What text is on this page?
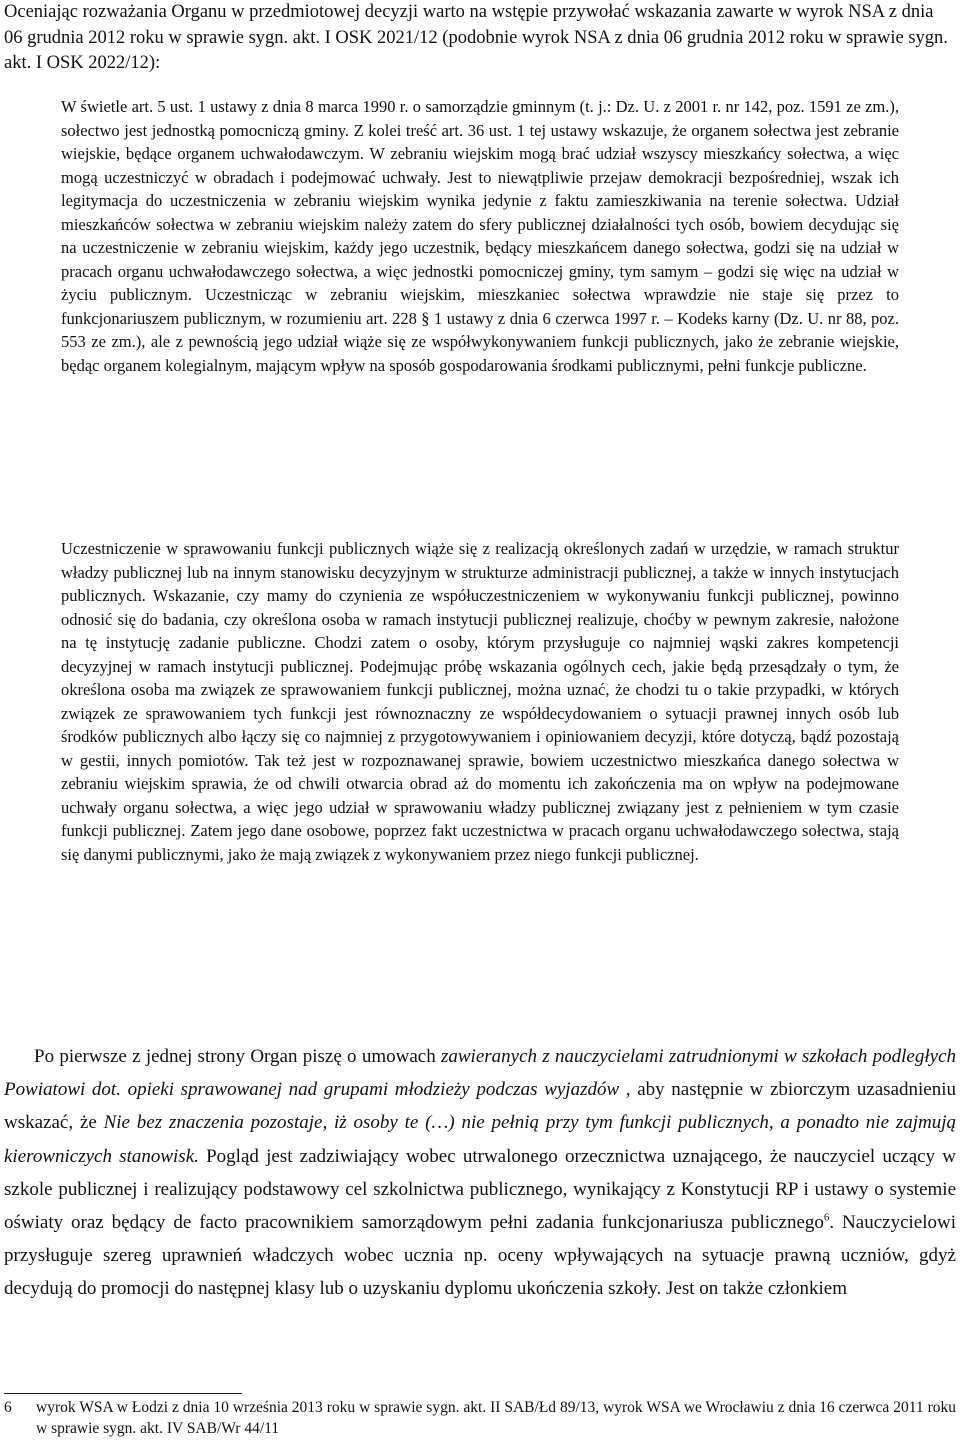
Oceniając rozważania Organu w przedmiotowej decyzji warto na wstępie przywołać wskazania zawarte w wyrok NSA z dnia 06 grudnia 2012 roku w sprawie sygn. akt. I OSK 2021/12 (podobnie wyrok NSA z dnia 06 grudnia 2012 roku w sprawie sygn. akt. I OSK 2022/12):

W świetle art. 5 ust. 1 ustawy z dnia 8 marca 1990 r. o samorządzie gminnym (t. j.: Dz. U. z 2001 r. nr 142, poz. 1591 ze zm.), sołectwo jest jednostką pomocniczą gminy. Z kolei treść art. 36 ust. 1 tej ustawy wskazuje, że organem sołectwa jest zebranie wiejskie, będące organem uchwałodawczym. W zebraniu wiejskim mogą brać udział wszyscy mieszkańcy sołectwa, a więc mogą uczestniczyć w obradach i podejmować uchwały. Jest to niewątpliwie przejaw demokracji bezpośredniej, wszak ich legitymacja do uczestniczenia w zebraniu wiejskim wynika jedynie z faktu zamieszkiwania na terenie sołectwa. Udział mieszkańców sołectwa w zebraniu wiejskim należy zatem do sfery publicznej działalności tych osób, bowiem decydując się na uczestniczenie w zebraniu wiejskim, każdy jego uczestnik, będący mieszkańcem danego sołectwa, godzi się na udział w pracach organu uchwałodawczego sołectwa, a więc jednostki pomocniczej gminy, tym samym – godzi się więc na udział w życiu publicznym. Uczestnicząc w zebraniu wiejskim, mieszkaniec sołectwa wprawdzie nie staje się przez to funkcjonariuszem publicznym, w rozumieniu art. 228 § 1 ustawy z dnia 6 czerwca 1997 r. – Kodeks karny (Dz. U. nr 88, poz. 553 ze zm.), ale z pewnością jego udział wiąże się ze współwykonywaniem funkcji publicznych, jako że zebranie wiejskie, będąc organem kolegialnym, mającym wpływ na sposób gospodarowania środkami publicznymi, pełni funkcje publiczne.

Uczestniczenie w sprawowaniu funkcji publicznych wiąże się z realizacją określonych zadań w urzędzie, w ramach struktur władzy publicznej lub na innym stanowisku decyzyjnym w strukturze administracji publicznej, a także w innych instytucjach publicznych. Wskazanie, czy mamy do czynienia ze współuczestniczeniem w wykonywaniu funkcji publicznej, powinno odnosić się do badania, czy określona osoba w ramach instytucji publicznej realizuje, choćby w pewnym zakresie, nałożone na tę instytucję zadanie publiczne. Chodzi zatem o osoby, którym przysługuje co najmniej wąski zakres kompetencji decyzyjnej w ramach instytucji publicznej. Podejmując próbę wskazania ogólnych cech, jakie będą przesądzały o tym, że określona osoba ma związek ze sprawowaniem funkcji publicznej, można uznać, że chodzi tu o takie przypadki, w których związek ze sprawowaniem tych funkcji jest równoznaczny ze współdecydowaniem o sytuacji prawnej innych osób lub środków publicznych albo łączy się co najmniej z przygotowywaniem i opiniowaniem decyzji, które dotyczą, bądź pozostają w gestii, innych pomiotów. Tak też jest w rozpoznawanej sprawie, bowiem uczestnictwo mieszkańca danego sołectwa w zebraniu wiejskim sprawia, że od chwili otwarcia obrad aż do momentu ich zakończenia ma on wpływ na podejmowane uchwały organu sołectwa, a więc jego udział w sprawowaniu władzy publicznej związany jest z pełnieniem w tym czasie funkcji publicznej. Zatem jego dane osobowe, poprzez fakt uczestnictwa w pracach organu uchwałodawczego sołectwa, stają się danymi publicznymi, jako że mają związek z wykonywaniem przez niego funkcji publicznej.

Po pierwsze z jednej strony Organ piszę o umowach zawieranych z nauczycielami zatrudnionymi w szkołach podległych Powiatowi dot. opieki sprawowanej nad grupami młodzieży podczas wyjazdów , aby następnie w zbiorczym uzasadnieniu wskazać, że Nie bez znaczenia pozostaje, iż osoby te (…) nie pełnią przy tym funkcji publicznych, a ponadto nie zajmują kierowniczych stanowisk. Pogląd jest zadziwiający wobec utrwalonego orzecznictwa uznającego, że nauczyciel uczący w szkole publicznej i realizujący podstawowy cel szkolnictwa publicznego, wynikający z Konstytucji RP i ustawy o systemie oświaty oraz będący de facto pracownikiem samorządowym pełni zadania funkcjonariusza publicznego$^6$. Nauczycielowi przysługuje szereg uprawnień władczych wobec ucznia np. oceny wpływających na sytuacje prawną uczniów, gdyż decydują do promocji do następnej klasy lub o uzyskaniu dyplomu ukończenia szkoły. Jest on także członkiem

6 wyrok WSA w Łodzi z dnia 10 września 2013 roku w sprawie sygn. akt. II SAB/Łd 89/13, wyrok WSA we Wrocławiu z dnia 16 czerwca 2011 roku w sprawie sygn. akt. IV SAB/Wr 44/11
